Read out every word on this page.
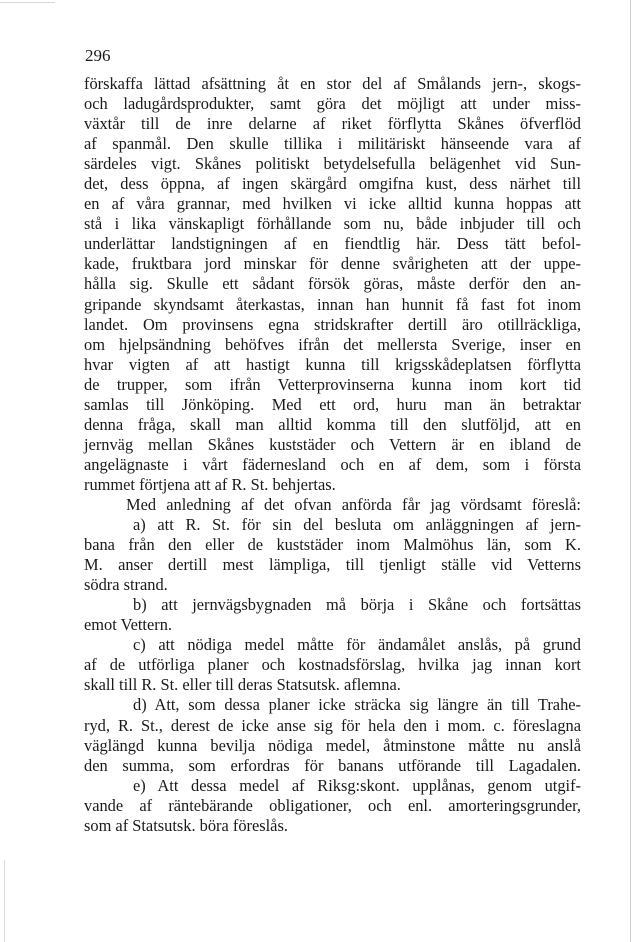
296
förskaffa lättad afsättning åt en stor del af Smålands jern-, skogs-
och ladugårdsprodukter, samt göra det möjligt att under miss-
växtår till de inre delarne af riket förflytta Skånes öfverflöd
af spanmål. Den skulle tillika i militäriskt hänseende vara af
särdeles vigt. Skånes politiskt betydelsefulla belägenhet vid Sun-
det, dess öppna, af ingen skärgård omgifna kust, dess närhet till
en af våra grannar, med hvilken vi icke alltid kunna hoppas att
stå i lika vänskapligt förhållande som nu, både inbjuder till och
underlättar landstigningen af en fiendtlig här. Dess tätt befol-
kade, fruktbara jord minskar för denne svårigheten att der uppe-
hålla sig. Skulle ett sådant försök göras, måste derför den an-
gripande skyndsamt återkastas, innan han hunnit få fast fot inom
landet. Om provinsens egna stridskrafter dertill äro otillräckliga,
om hjelpsändning behöfves ifrån det mellersta Sverige, inser en
hvar vigten af att hastigt kunna till krigsskådeplatsen förflytta
de trupper, som ifrån Vetterprovinserna kunna inom kort tid
samlas till Jönköping. Med ett ord, huru man än betraktar
denna fråga, skall man alltid komma till den slutföljd, att en
jernväg mellan Skånes kuststäder och Vettern är en ibland de
angelägnaste i vårt fädernesland och en af dem, som i första
rummet förtjena att af R. St. behjertas.
Med anledning af det ofvan anförda får jag vördsamt föreslå:
a) att R. St. för sin del besluta om anläggningen af jern-
bana från den eller de kuststäder inom Malmöhus län, som K.
M. anser dertill mest lämpliga, till tjenligt ställe vid Vetterns
södra strand.
b) att jernvägsbygnaden må börja i Skåne och fortsättas
emot Vettern.
c) att nödiga medel måtte för ändamålet anslås, på grund
af de utförliga planer och kostnadsförslag, hvilka jag innan kort
skall till R. St. eller till deras Statsutsk. aflemna.
d) Att, som dessa planer icke sträcka sig längre än till Trahe-
ryd, R. St., derest de icke anse sig för hela den i mom. c. föreslagna
väglängd kunna bevilja nödiga medel, åtminstone måtte nu anslå
den summa, som erfordras för banans utförande till Lagadalen.
e) Att dessa medel af Riksg:skont. upplånas, genom utgif-
vande af räntebärande obligationer, och enl. amorteringsgrunder,
som af Statsutsk. böra föreslås.
